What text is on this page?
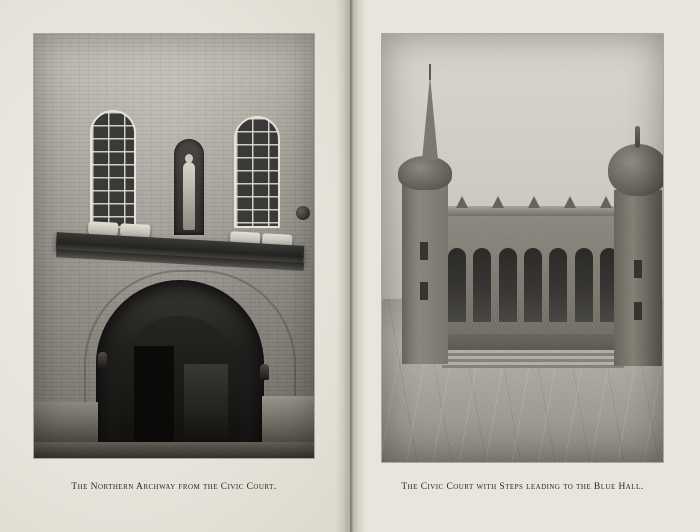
The Northern Archway from the Civic Court.	The Civic Court with Steps leading to the Blue Hall.
